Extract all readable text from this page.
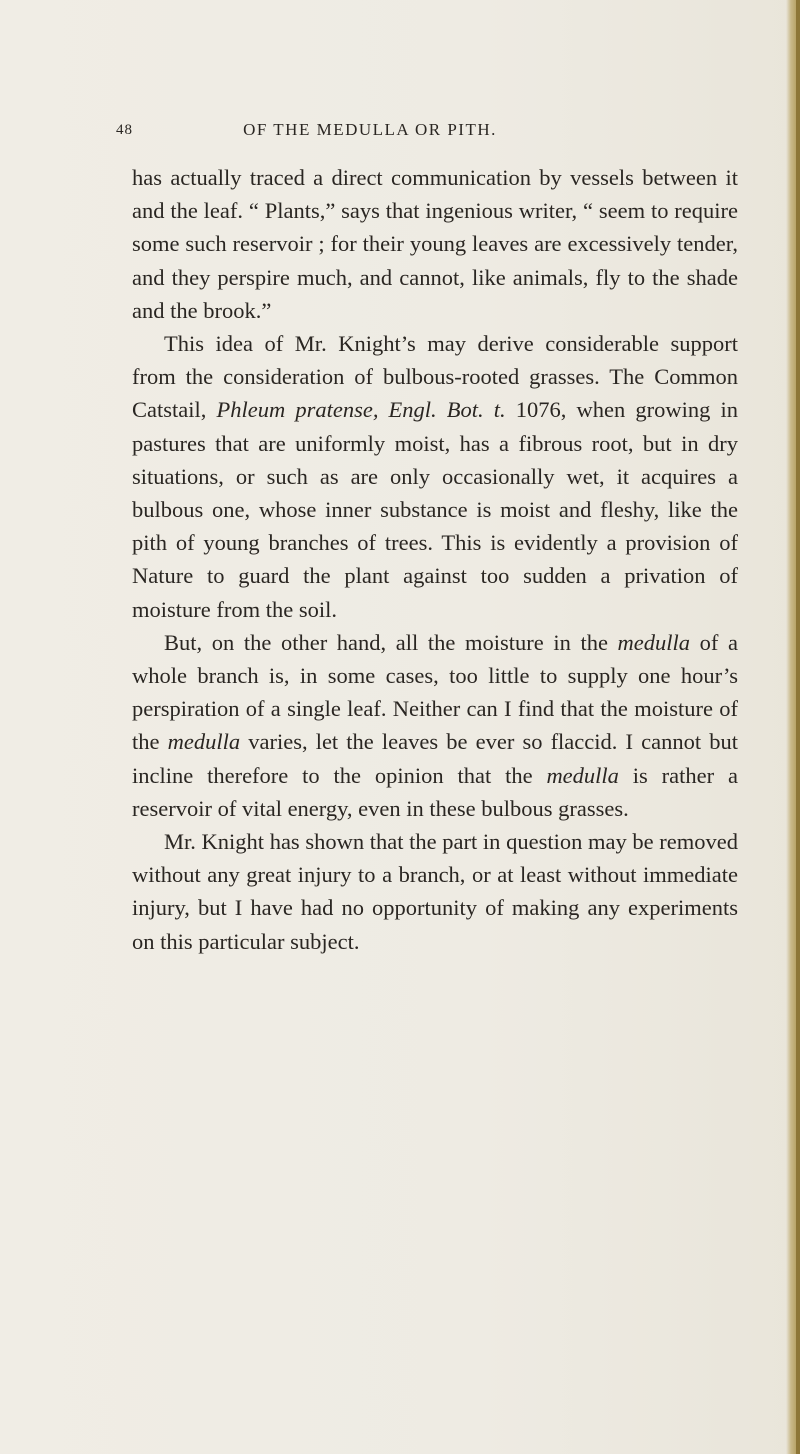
48	OF THE MEDULLA OR PITH.

has actually traced a direct communication by vessels between it and the leaf. “ Plants,” says that ingenious writer, “ seem to require some such reservoir ; for their young leaves are excessively tender, and they perspire much, and cannot, like animals, fly to the shade and the brook.”

This idea of Mr. Knight’s may derive considerable support from the consideration of bulbous-rooted grasses. The Common Catstail, Phleum pratense, Engl. Bot. t. 1076, when growing in pastures that are uniformly moist, has a fibrous root, but in dry situations, or such as are only occasionally wet, it acquires a bulbous one, whose inner substance is moist and fleshy, like the pith of young branches of trees. This is evidently a provision of Nature to guard the plant against too sudden a privation of moisture from the soil.

But, on the other hand, all the moisture in the medulla of a whole branch is, in some cases, too little to supply one hour’s perspiration of a single leaf. Neither can I find that the moisture of the medulla varies, let the leaves be ever so flaccid. I cannot but incline therefore to the opinion that the medulla is rather a reservoir of vital energy, even in these bulbous grasses.

Mr. Knight has shown that the part in question may be removed without any great injury to a branch, or at least without immediate injury, but I have had no opportunity of making any experiments on this particular subject.
